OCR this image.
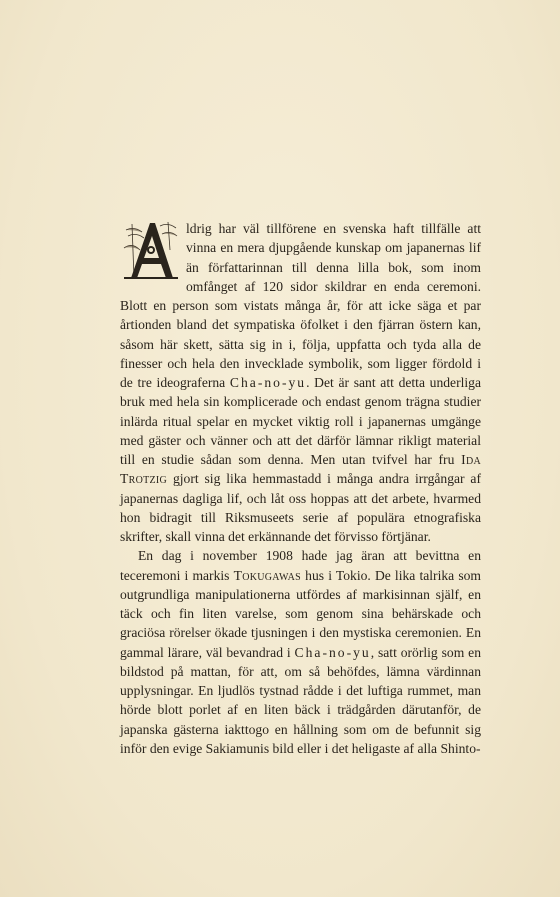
ldrig har väl tillförene en svenska haft tillfälle att vinna en mera djupgående kunskap om japanernas lif än författarinnan till denna lilla bok, som inom omfånget af 120 sidor skildrar en enda ceremoni. Blott en person som vistats många år, för att icke säga et par årtionden bland det sympatiska öfolket i den fjärran östern kan, såsom här skett, sätta sig in i, följa, uppfatta och tyda alla de finesser och hela den invecklade symbolik, som ligger fördold i de tre ideograferna Cha-no-yu. Det är sant att detta underliga bruk med hela sin komplicerade och endast genom trägna studier inlärda ritual spelar en mycket viktig roll i japanernas umgänge med gäster och vänner och att det därför lämnar rikligt material till en studie sådan som denna. Men utan tvifvel har fru Ida Trotzig gjort sig lika hemmastadd i många andra irrgångar af japanernas dagliga lif, och låt oss hoppas att det arbete, hvarmed hon bidragit till Riksmuseets serie af populära etnografiska skrifter, skall vinna det erkännande det förvisso förtjänar.

En dag i november 1908 hade jag äran att bevittna en teceremoni i markis Tokugawas hus i Tokio. De lika talrika som outgrundliga manipulationerna utfördes af markisinnan själf, en täck och fin liten varelse, som genom sina behärskade och graciösa rörelser ökade tjusningen i den mystiska ceremonien. En gammal lärare, väl bevandrad i Cha-no-yu, satt orörlig som en bildstod på mattan, för att, om så behöfdes, lämna värdinnan upplysningar. En ljudlös tystnad rådde i det luftiga rummet, man hörde blott porlet af en liten bäck i trädgården därutanför, de japanska gästerna iakttogo en hållning som om de befunnit sig inför den evige Sakiamunis bild eller i det heligaste af alla Shinto-
